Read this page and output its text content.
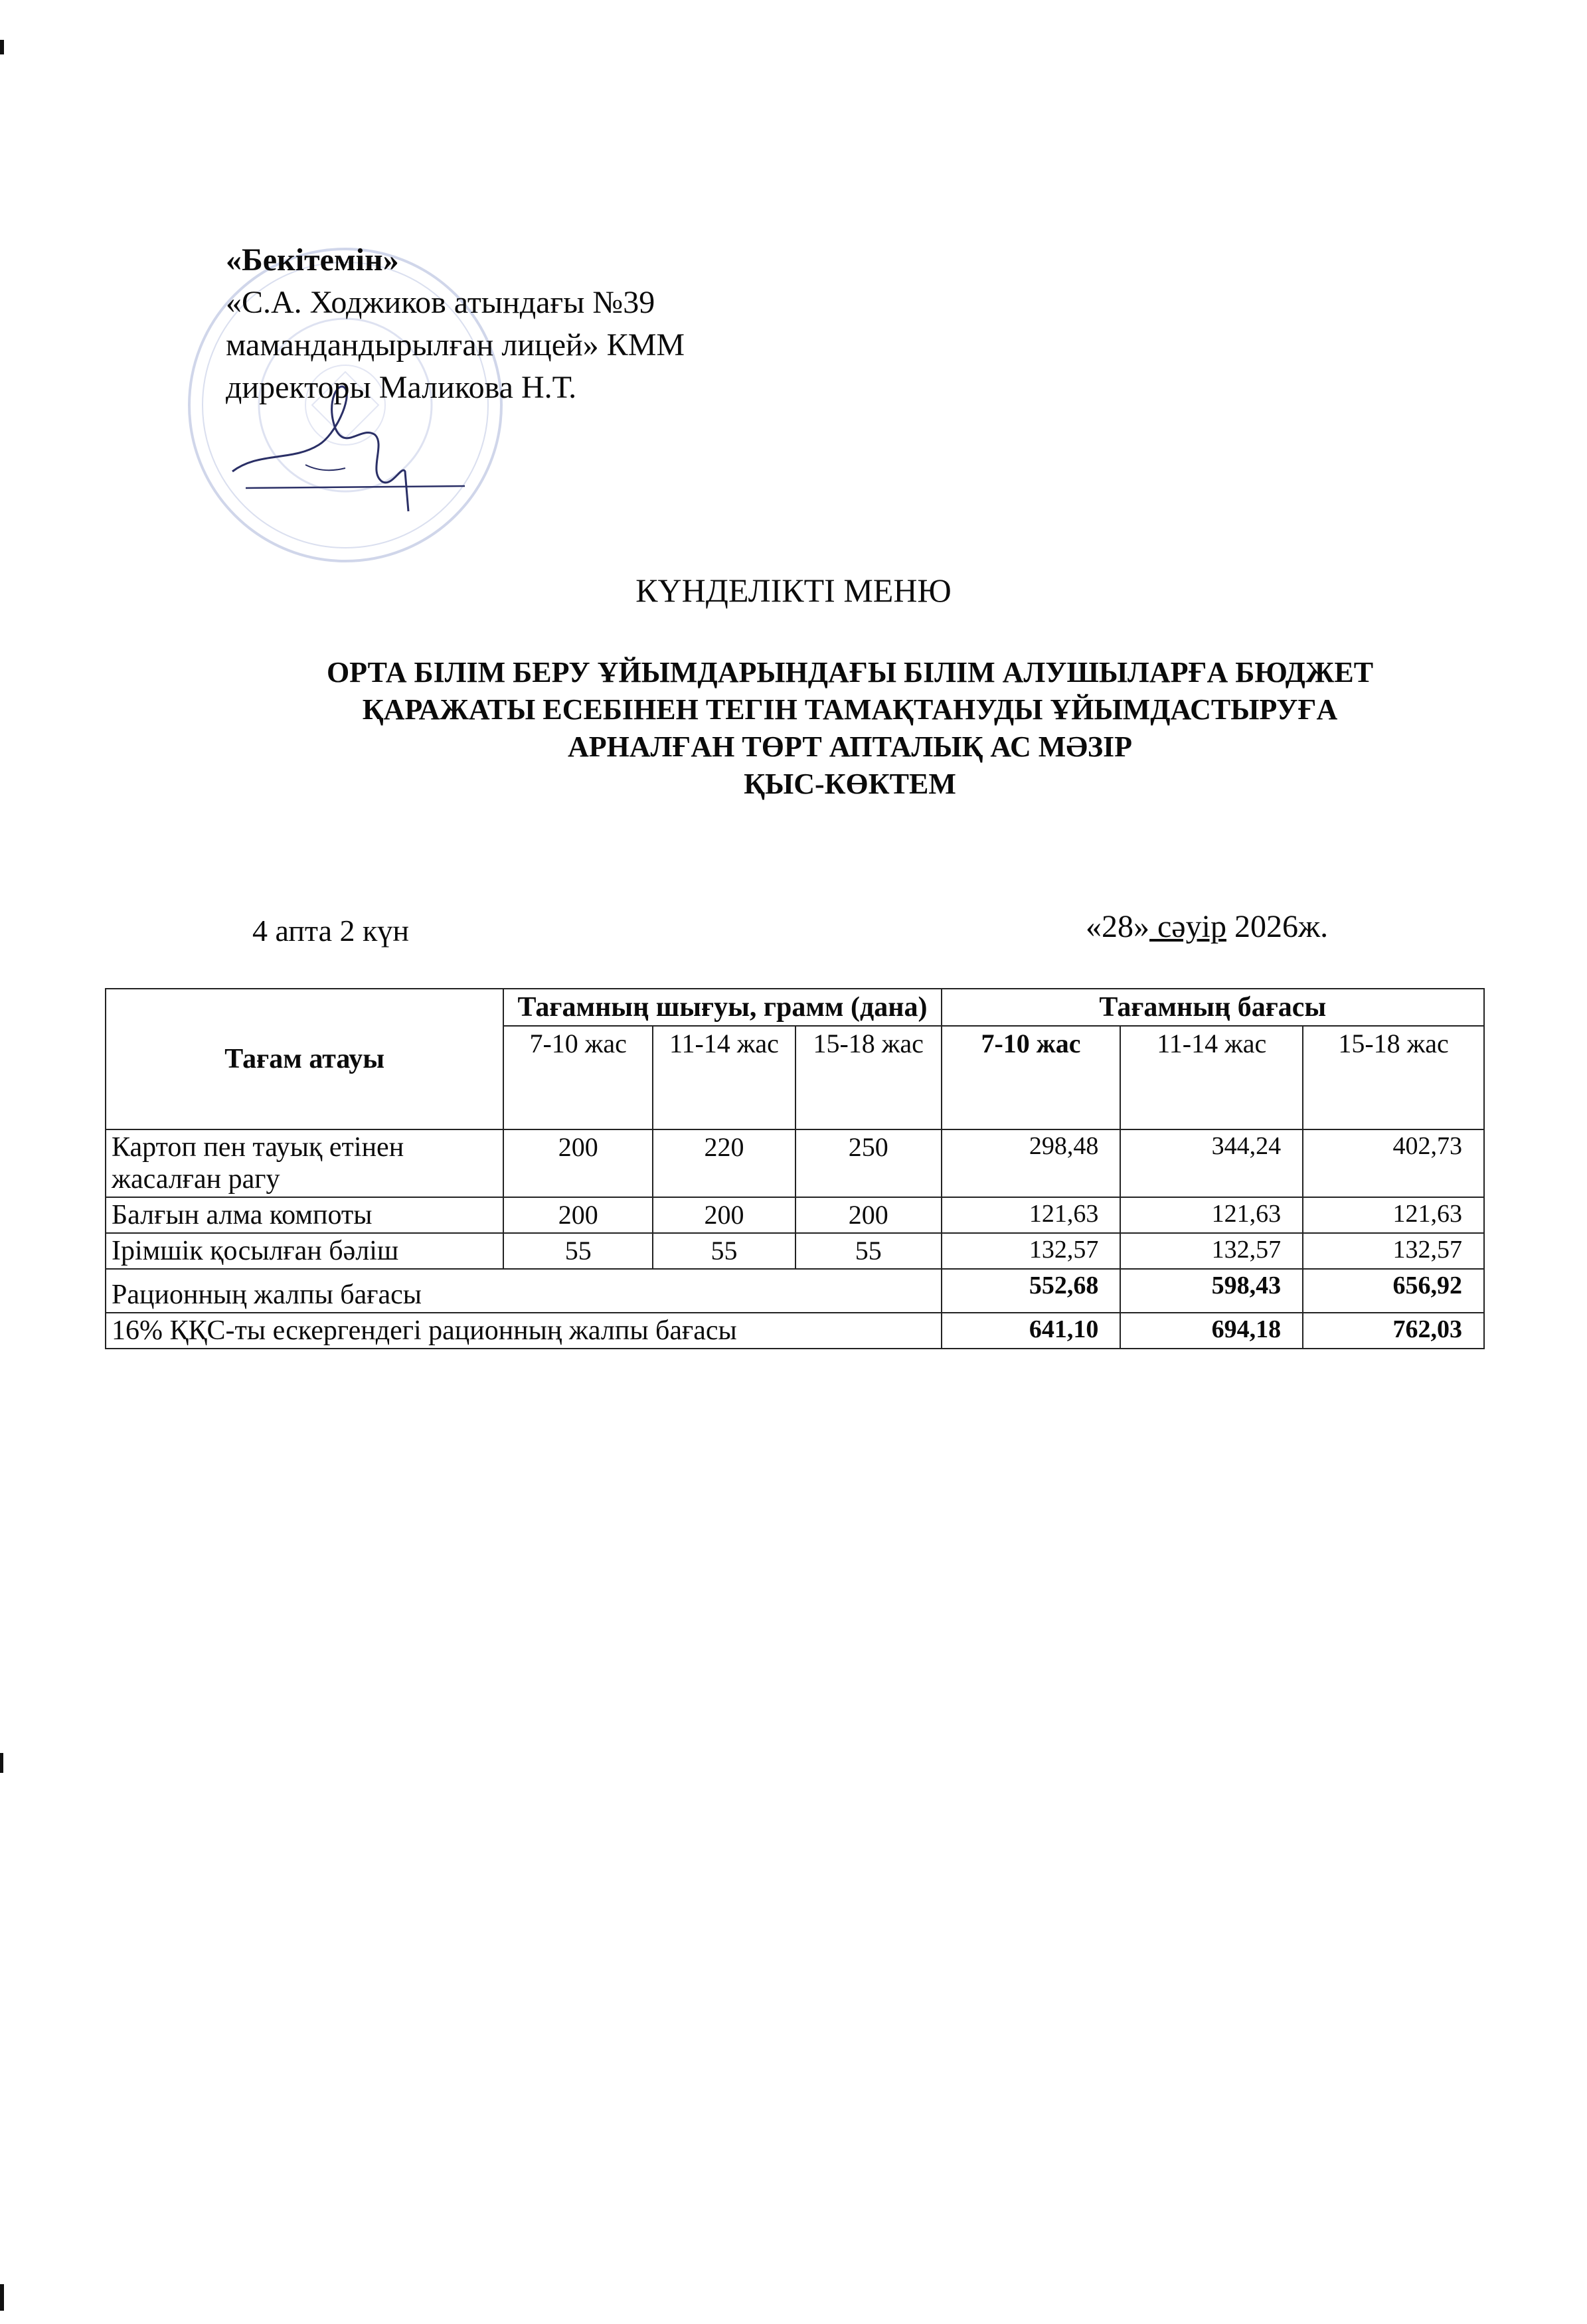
«Бекітемін»
«С.А. Ходжиков атындағы №39
мамандандырылған лицей» КММ
директоры Маликова Н.Т.
КҮНДЕЛІКТІ МЕНЮ
ОРТА БІЛІМ БЕРУ ҰЙЫМДАРЫНДАҒЫ БІЛІМ АЛУШЫЛАРҒА БЮДЖЕТ
ҚАРАЖАТЫ ЕСЕБІНЕН ТЕГІН ТАМАҚТАНУДЫ ҰЙЫМДАСТЫРУҒА
АРНАЛҒАН ТӨРТ АПТАЛЫҚ АС МӘЗІР
ҚЫС-КӨКТЕМ
4 апта 2 күн	«28» сәуір 2026ж.
Тағам атауы	Тағамның шығуы, грамм (дана)			Тағамның бағасы		
	7-10 жас	11-14 жас	15-18 жас	7-10 жас	11-14 жас	15-18 жас
Картоп пен тауық етінен жасалған рагу	200	220	250	298,48	344,24	402,73
Балғын алма компоты	200	200	200	121,63	121,63	121,63
Ірімшік қосылған бәліш	55	55	55	132,57	132,57	132,57
Рационның жалпы бағасы				552,68	598,43	656,92
16% ҚҚС-ты ескергендегі рационның жалпы бағасы				641,10	694,18	762,03
